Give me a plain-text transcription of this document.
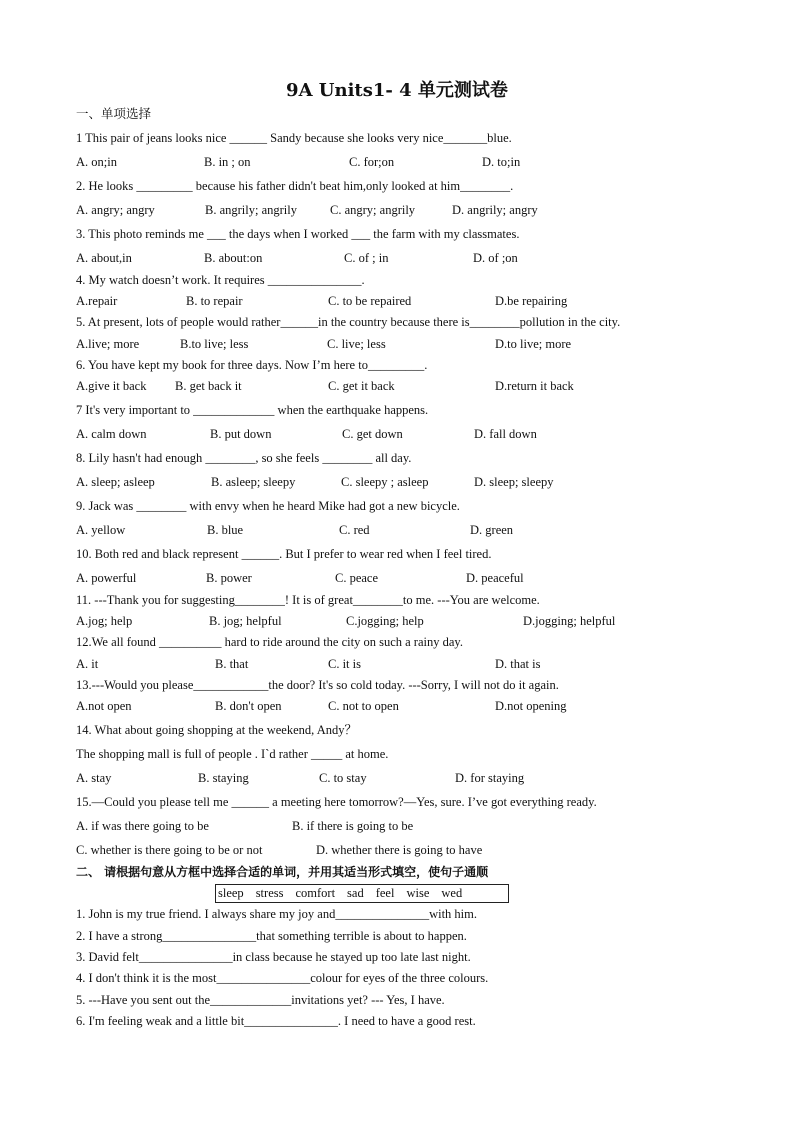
9A Units1- 4 单元测试卷
一、单项选择
1 This pair of jeans looks nice ______ Sandy because she looks very nice_______blue.
A. on;in	B. in ; on	C. for;on	D. to;in
2. He looks _________ because his father didn't beat him,only looked at him________.
A. angry; angry	B. angrily; angrily	C. angry; angrily	D. angrily; angry
3. This photo reminds me ___ the days when I worked ___ the farm with my classmates.
A. about,in	B. about:on	C. of ; in	D. of ;on
4. My watch doesn’t work. It requires _______________.
A.repair	B. to repair	C. to be repaired	D.be repairing
5. At present, lots of people would rather______in the country because there is________pollution in the city.
A.live; more	B.to live; less	C. live; less	D.to live; more
6. You have kept my book for three days. Now I’m here to_________.
A.give it back B. get back it	C. get it back	D.return it back
7 It's very important to _____________ when the earthquake happens.
A. calm down	B. put down	C. get down	D. fall down
8. Lily hasn't had enough ________, so she feels ________ all day.
A. sleep; asleep	B. asleep; sleepy	C. sleepy ; asleep	D. sleep; sleepy
9. Jack was ________ with envy when he heard Mike had got a new bicycle.
A. yellow	B. blue	C. red	D. green
10. Both red and black represent ______. But I prefer to wear red when I feel tired.
A. powerful	B. power	C. peace	D. peaceful
11. ---Thank you for suggesting________! It is of great________to me. ---You are welcome.
A.jog; help	B. jog; helpful	C.jogging; help	D.jogging; helpful
12.We all found __________ hard to ride around the city on such a rainy day.
A. it	B. that	C. it is	D. that is
13.---Would you please____________the door? It's so cold today. ---Sorry, I will not do it again.
A.not open	B. don't open	C. not to open	D.not opening
14. What about going shopping at the weekend, Andy？
The shopping mall is full of people . I`d rather _____ at home.
A. stay	B. staying	C. to stay	D. for staying
15.—Could you please tell me ______ a meeting here tomorrow?—Yes, sure. I’ve got everything ready.
A. if was there going to be	B. if there is going to be
C. whether is there going to be or not	D. whether there is going to have
二、 请根据句意从方框中选择合适的单词，并用其适当形式填空，使句子通顺
sleep stress comfort sad feel wise wed
1. John is my true friend. I always share my joy and_______________with him.
2. I have a strong_______________that something terrible is about to happen.
3. David felt_______________in class because he stayed up too late last night.
4. I don't think it is the most_______________colour for eyes of the three colours.
5. ---Have you sent out the_____________invitations yet? --- Yes, I have.
6. I'm feeling weak and a little bit_______________. I need to have a good rest.
